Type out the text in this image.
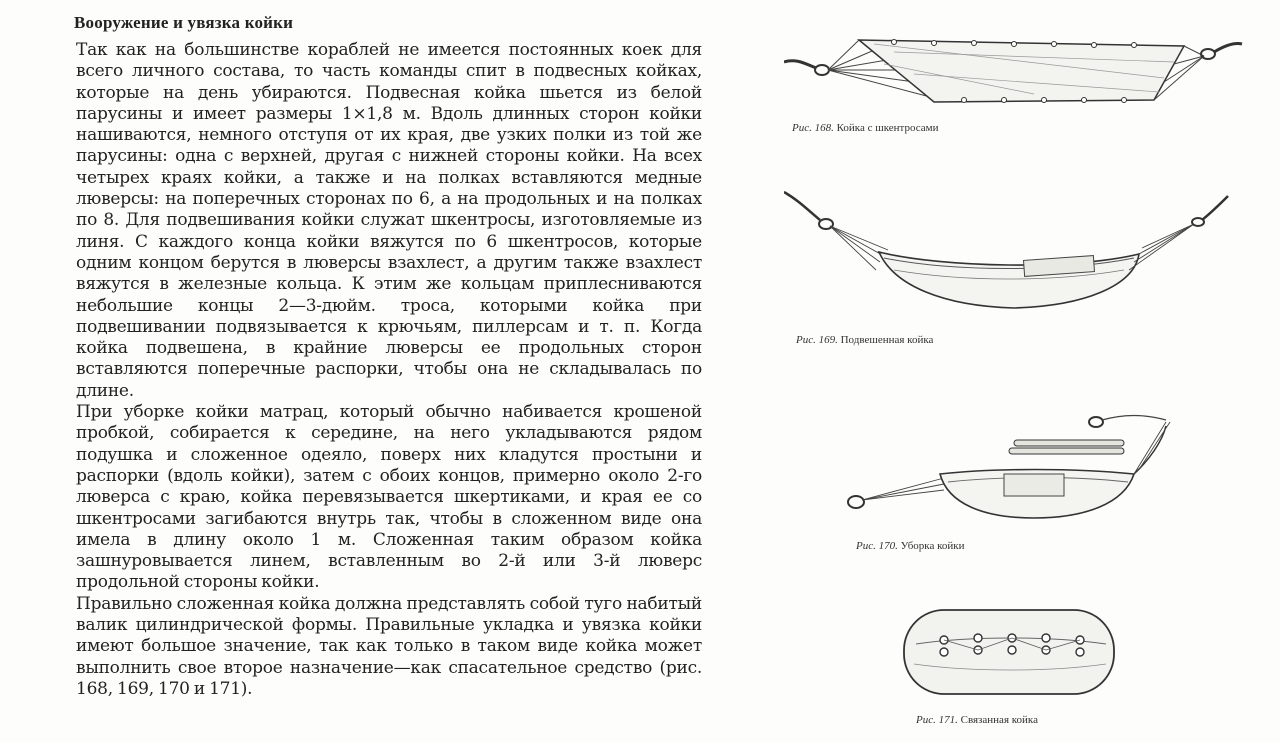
Вооружение и увязка койки

Так как на большинстве кораблей не имеется постоянных коек для всего личного состава, то часть команды спит в подвесных койках, которые на день убираются. Подвесная койка шьется из белой парусины и имеет размеры 1×1,8 м. Вдоль длинных сторон койки нашиваются, немного отступя от их края, две узких полки из той же парусины: одна с верхней, другая с нижней стороны койки. На всех четырех краях койки, а также и на полках вставляются медные люверсы: на поперечных сторонах по 6, а на продольных и на полках по 8. Для подвешивания койки служат шкентросы, изготовляемые из линя. С каждого конца койки вяжутся по 6 шкентросов, которые одним концом берутся в люверсы взахлест, а другим также взахлест вяжутся в железные кольца. К этим же кольцам приплесниваются небольшие концы 2—3-дюйм. троса, которыми койка при подвешивании подвязывается к крючьям, пиллерсам и т. п. Когда койка подвешена, в крайние люверсы ее продольных сторон вставляются поперечные распорки, чтобы она не складывалась по длине.

При уборке койки матрац, который обычно набивается крошеной пробкой, собирается к середине, на него укладываются рядом подушка и сложенное одеяло, поверх них кладутся простыни и распорки (вдоль койки), затем с обоих концов, примерно около 2-го люверса с краю, койка перевязывается шкертиками, и края ее со шкентросами загибаются внутрь так, чтобы в сложенном виде она имела в длину около 1 м. Сложенная таким образом койка зашнуровывается линем, вставленным во 2-й или 3-й люверс продольной стороны койки.

Правильно сложенная койка должна представлять собой туго набитый валик цилиндрической формы. Правильные укладка и увязка койки имеют большое значение, так как только в таком виде койка может выполнить свое второе назначение—как спасательное средство (рис. 168, 169, 170 и 171).

Рис. 168. Койка с шкентросами
Рис. 169. Подвешенная койка
Рис. 170. Уборка койки
Рис. 171. Связанная койка
